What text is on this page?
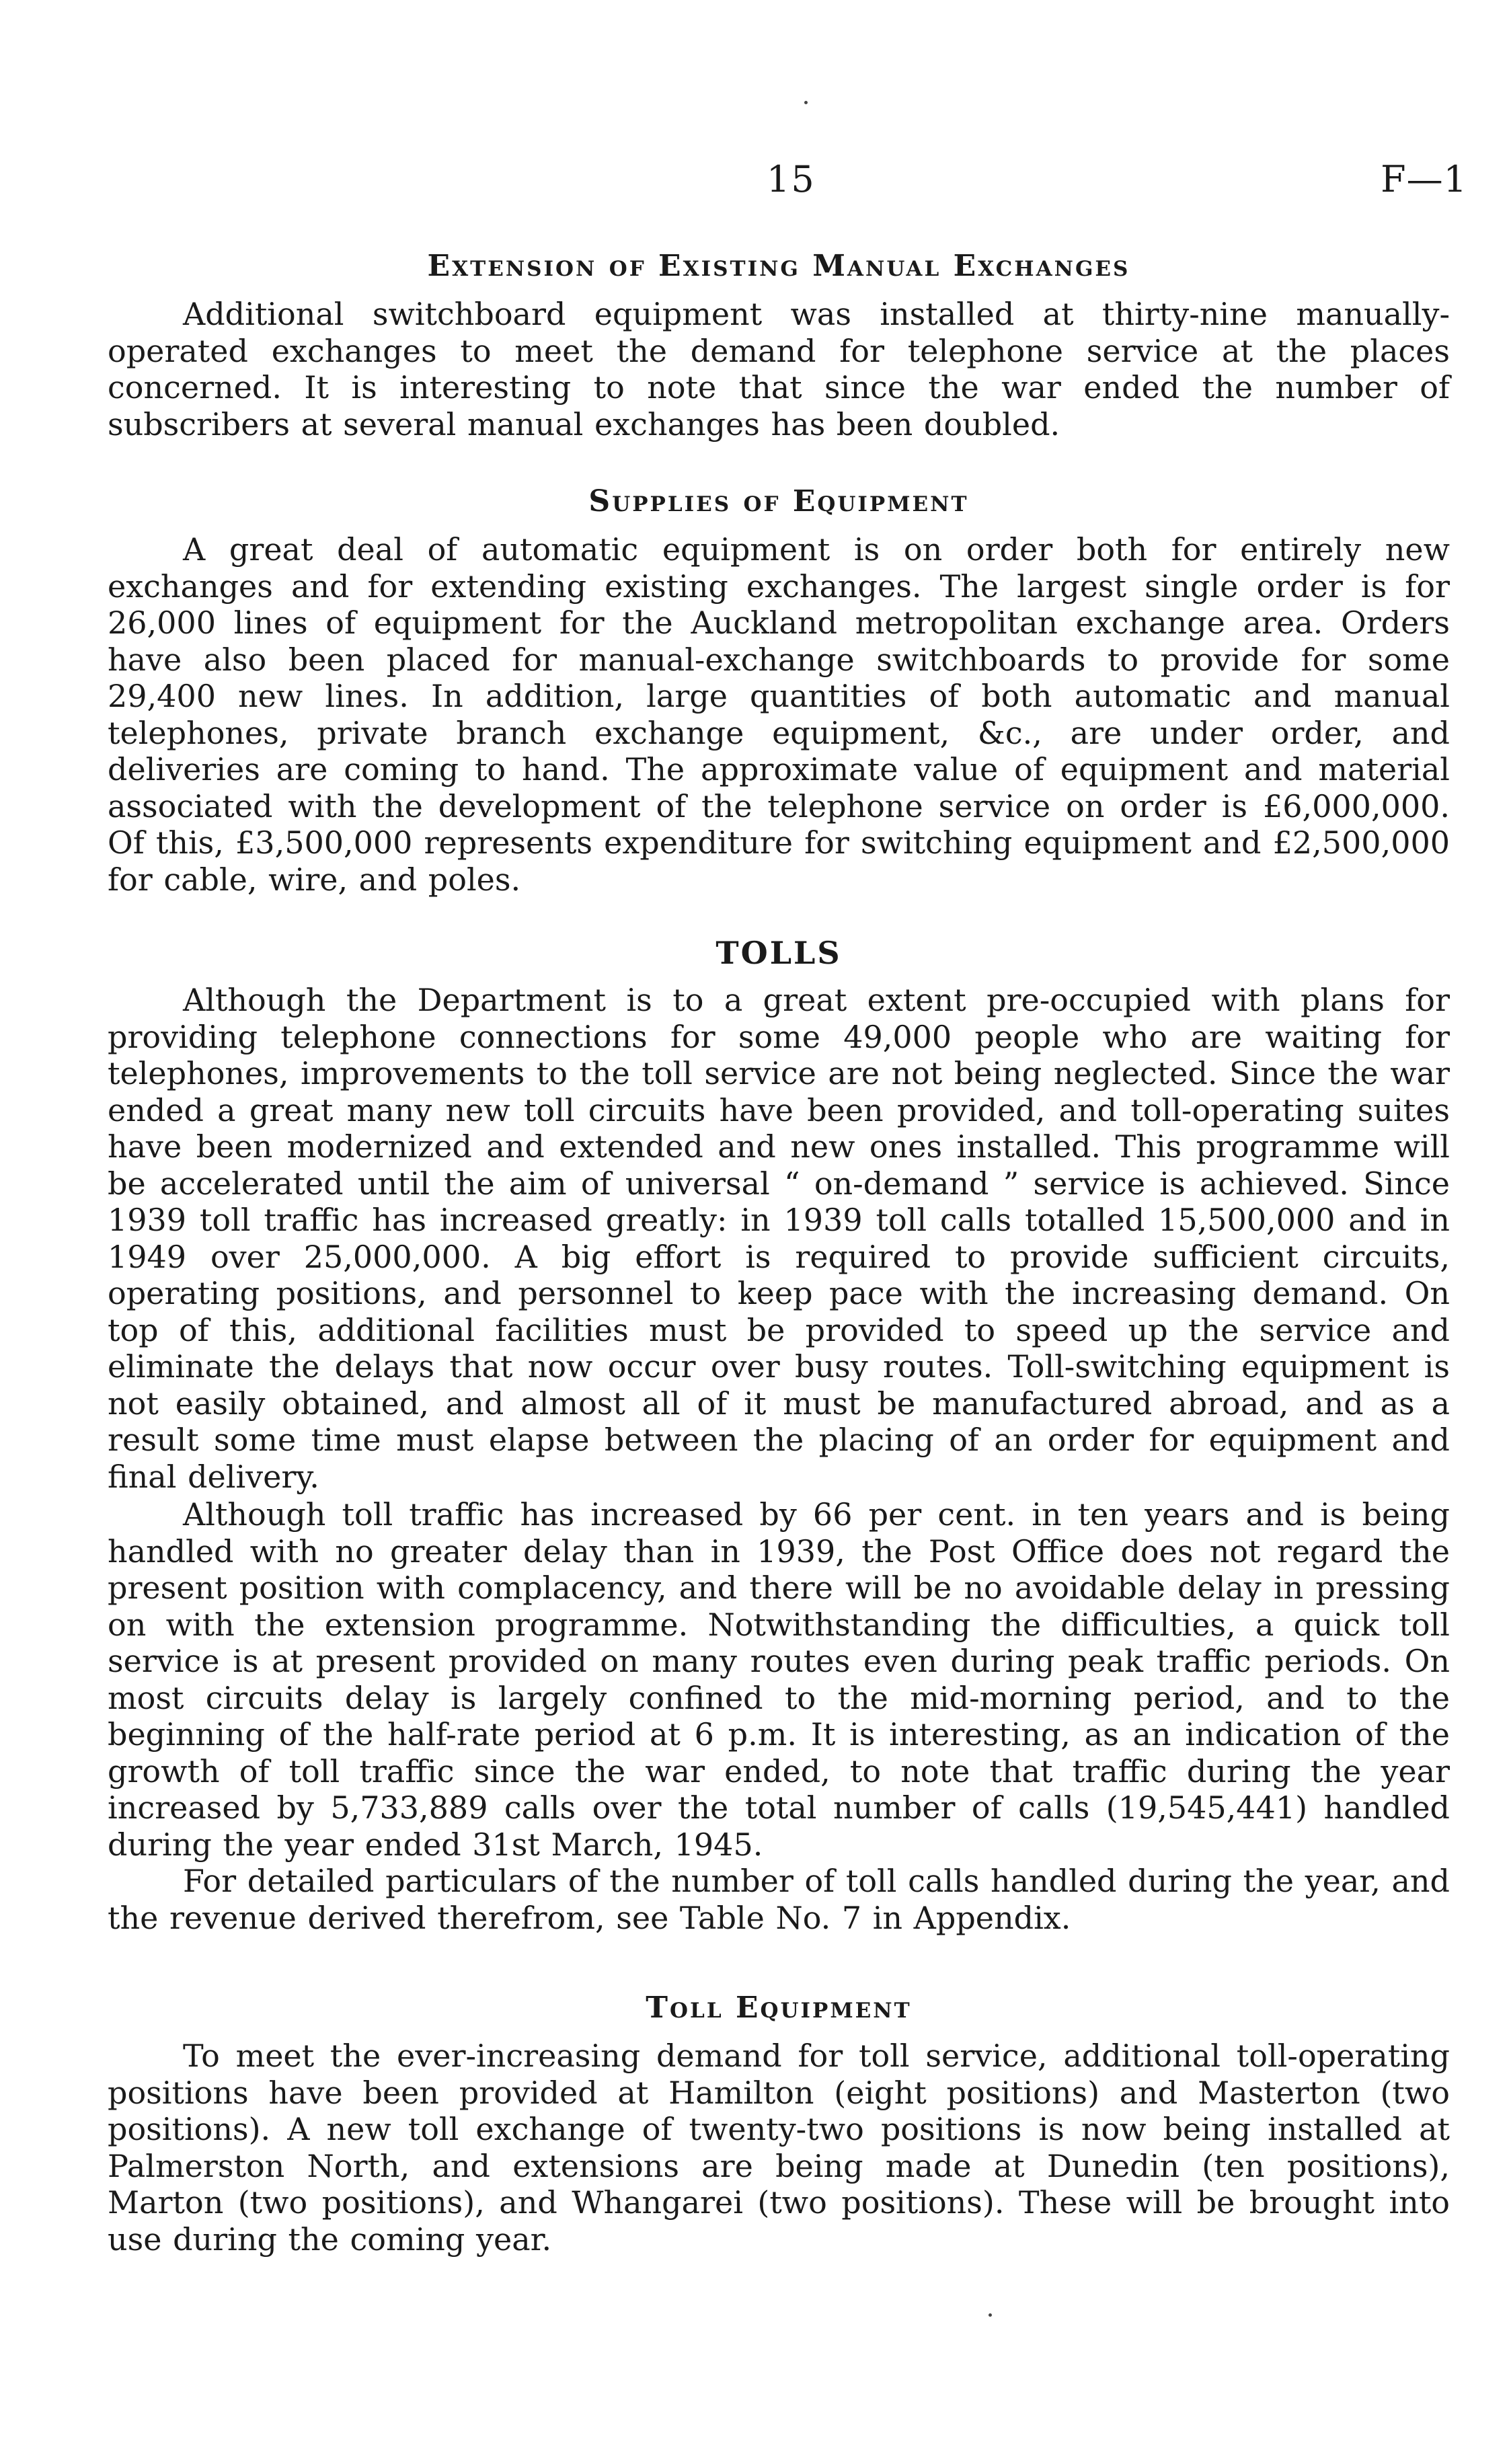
15	F—1
Extension of Existing Manual Exchanges

Additional switchboard equipment was installed at thirty-nine manually-operated exchanges to meet the demand for telephone service at the places concerned. It is interesting to note that since the war ended the number of subscribers at several manual exchanges has been doubled.

Supplies of Equipment

A great deal of automatic equipment is on order both for entirely new exchanges and for extending existing exchanges. The largest single order is for 26,000 lines of equipment for the Auckland metropolitan exchange area. Orders have also been placed for manual-exchange switchboards to provide for some 29,400 new lines. In addition, large quantities of both automatic and manual telephones, private branch exchange equipment, &c., are under order, and deliveries are coming to hand. The approximate value of equipment and material associated with the development of the telephone service on order is £6,000,000. Of this, £3,500,000 represents expenditure for switching equipment and £2,500,000 for cable, wire, and poles.

TOLLS

Although the Department is to a great extent pre-occupied with plans for providing telephone connections for some 49,000 people who are waiting for telephones, improvements to the toll service are not being neglected. Since the war ended a great many new toll circuits have been provided, and toll-operating suites have been modernized and extended and new ones installed. This programme will be accelerated until the aim of universal “ on-demand ” service is achieved. Since 1939 toll traffic has increased greatly: in 1939 toll calls totalled 15,500,000 and in 1949 over 25,000,000. A big effort is required to provide sufficient circuits, operating positions, and personnel to keep pace with the increasing demand. On top of this, additional facilities must be provided to speed up the service and eliminate the delays that now occur over busy routes. Toll-switching equipment is not easily obtained, and almost all of it must be manufactured abroad, and as a result some time must elapse between the placing of an order for equipment and final delivery.

Although toll traffic has increased by 66 per cent. in ten years and is being handled with no greater delay than in 1939, the Post Office does not regard the present position with complacency, and there will be no avoidable delay in pressing on with the extension programme. Notwithstanding the difficulties, a quick toll service is at present provided on many routes even during peak traffic periods. On most circuits delay is largely confined to the mid-morning period, and to the beginning of the half-rate period at 6 p.m. It is interesting, as an indication of the growth of toll traffic since the war ended, to note that traffic during the year increased by 5,733,889 calls over the total number of calls (19,545,441) handled during the year ended 31st March, 1945.

For detailed particulars of the number of toll calls handled during the year, and the revenue derived therefrom, see Table No. 7 in Appendix.

Toll Equipment

To meet the ever-increasing demand for toll service, additional toll-operating positions have been provided at Hamilton (eight positions) and Masterton (two positions). A new toll exchange of twenty-two positions is now being installed at Palmerston North, and extensions are being made at Dunedin (ten positions), Marton (two positions), and Whangarei (two positions). These will be brought into use during the coming year.
